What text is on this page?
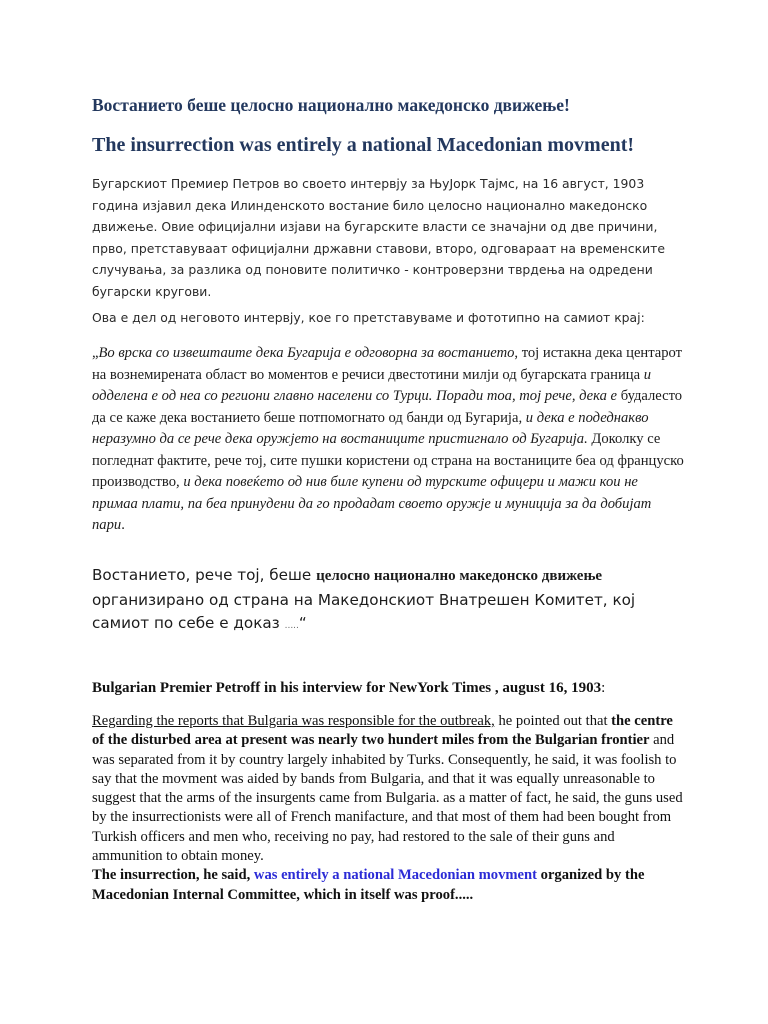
Востанието беше целосно национално македонско движење!
The insurrection was entirely a national Macedonian movment!

Бугарскиот Премиер Петров во своето интервју за ЊуЈорк Тајмс, на 16 август, 1903 година изјавил дека Илинденското востание било целосно национално македонско движење. Овие официјални изјави на бугарските власти се значајни од две причини, прво, претставуваат официјални државни ставови, второ, одговараат на временските случувања, за разлика од поновите политичко - контроверзни тврдења на одредени бугарски кругови.

Ова е дел од неговото интервју, кое го претставуваме и фототипно на самиот крај:

„Во врска со извештаите дека Бугарија е одговорна за востанието, тој истакна дека центарот на вознемирената област во моментов е речиси двестотини милји од бугарската граница и одделена е од неа со региони главно населени со Турци. Поради тоа, тој рече, дека е будалесто да се каже дека востанието беше потпомогнато од банди од Бугарија, и дека е подеднакво неразумно да се рече дека оружјето на востаниците пристигнало од Бугарија. Доколку се погледнат фактите, рече тој, сите пушки користени од страна на востаниците беа од француско производство, и дека повеќето од нив биле купени од турските офицери и мажи кои не примаа плати, па беа принудени да го продадат своето оружје и муниција за да добијат пари.

Востанието, рече тој, беше целосно национално македонско движење организирано од страна на Македонскиот Внатрешен Комитет, кој самиот по себе е доказ .....“

Bulgarian Premier Petroff in his interview for NewYork Times , august 16, 1903:

Regarding the reports that Bulgaria was responsible for the outbreak, he pointed out that the centre of the disturbed area at present was nearly two hundert miles from the Bulgarian frontier and was separated from it by country largely inhabited by Turks. Consequently, he said, it was foolish to say that the movment was aided by bands from Bulgaria, and that it was equally unreasonable to suggest that the arms of the insurgents came from Bulgaria. as a matter of fact, he said, the guns used by the insurrectionists were all of French manifacture, and that most of them had been bought from Turkish officers and men who, receiving no pay, had restored to the sale of their guns and ammunition to obtain money.
The insurrection, he said, was entirely a national Macedonian movment organized by the Macedonian Internal Committee, which in itself was proof.....
